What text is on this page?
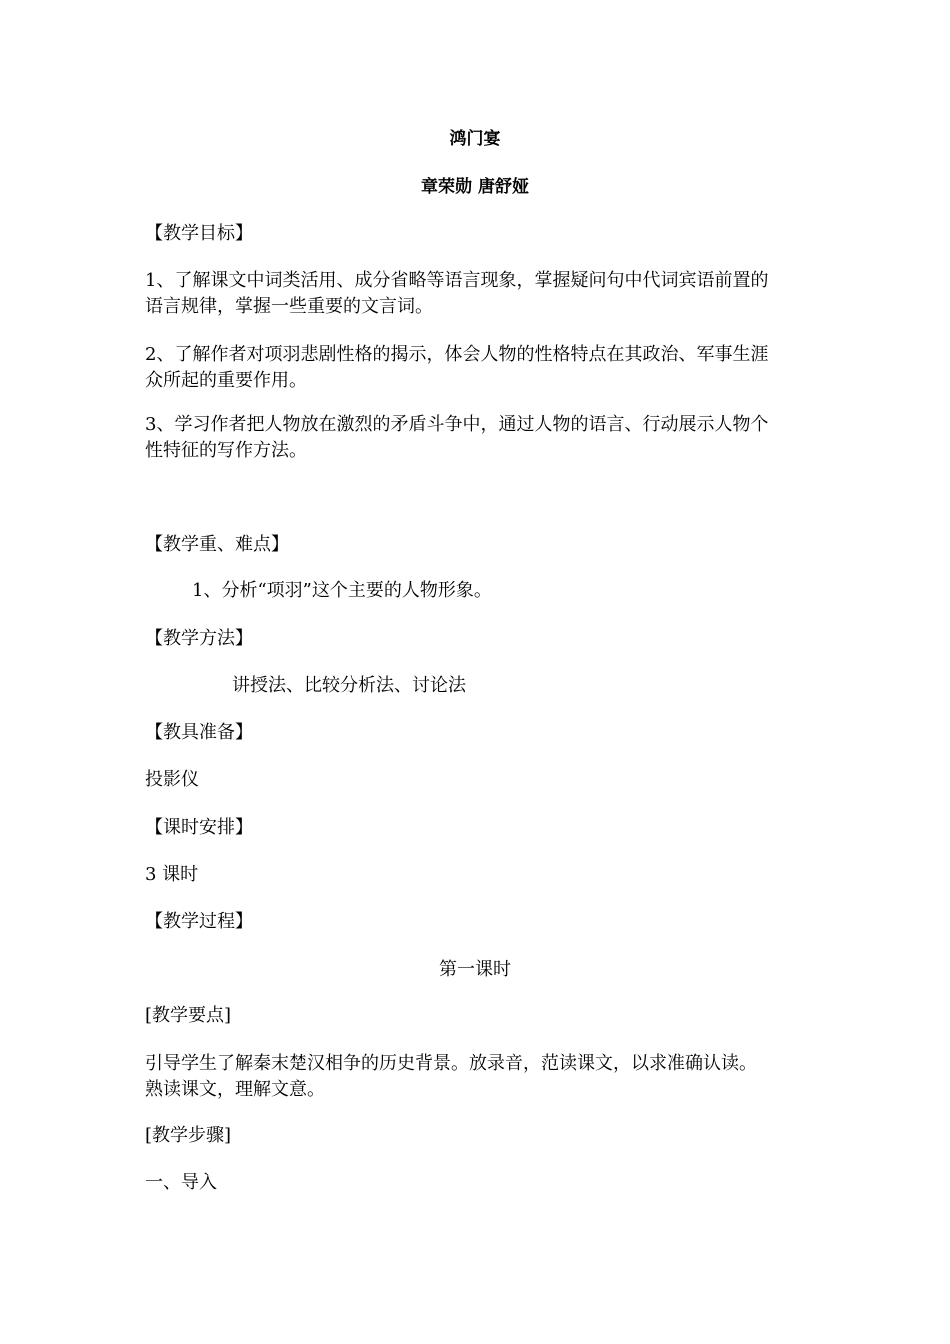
鸿门宴
章荣勋 唐舒娅
【教学目标】
1、了解课文中词类活用、成分省略等语言现象，掌握疑问句中代词宾语前置的
语言规律，掌握一些重要的文言词。
2、了解作者对项羽悲剧性格的揭示，体会人物的性格特点在其政治、军事生涯
众所起的重要作用。
3、学习作者把人物放在激烈的矛盾斗争中，通过人物的语言、行动展示人物个
性特征的写作方法。
【教学重、难点】
1、分析“项羽”这个主要的人物形象。
【教学方法】
讲授法、比较分析法、讨论法
【教具准备】
投影仪
【课时安排】
3 课时
【教学过程】
第一课时
[教学要点]
引导学生了解秦末楚汉相争的历史背景。放录音，范读课文，以求准确认读。
熟读课文，理解文意。
[教学步骤]
一、导入
